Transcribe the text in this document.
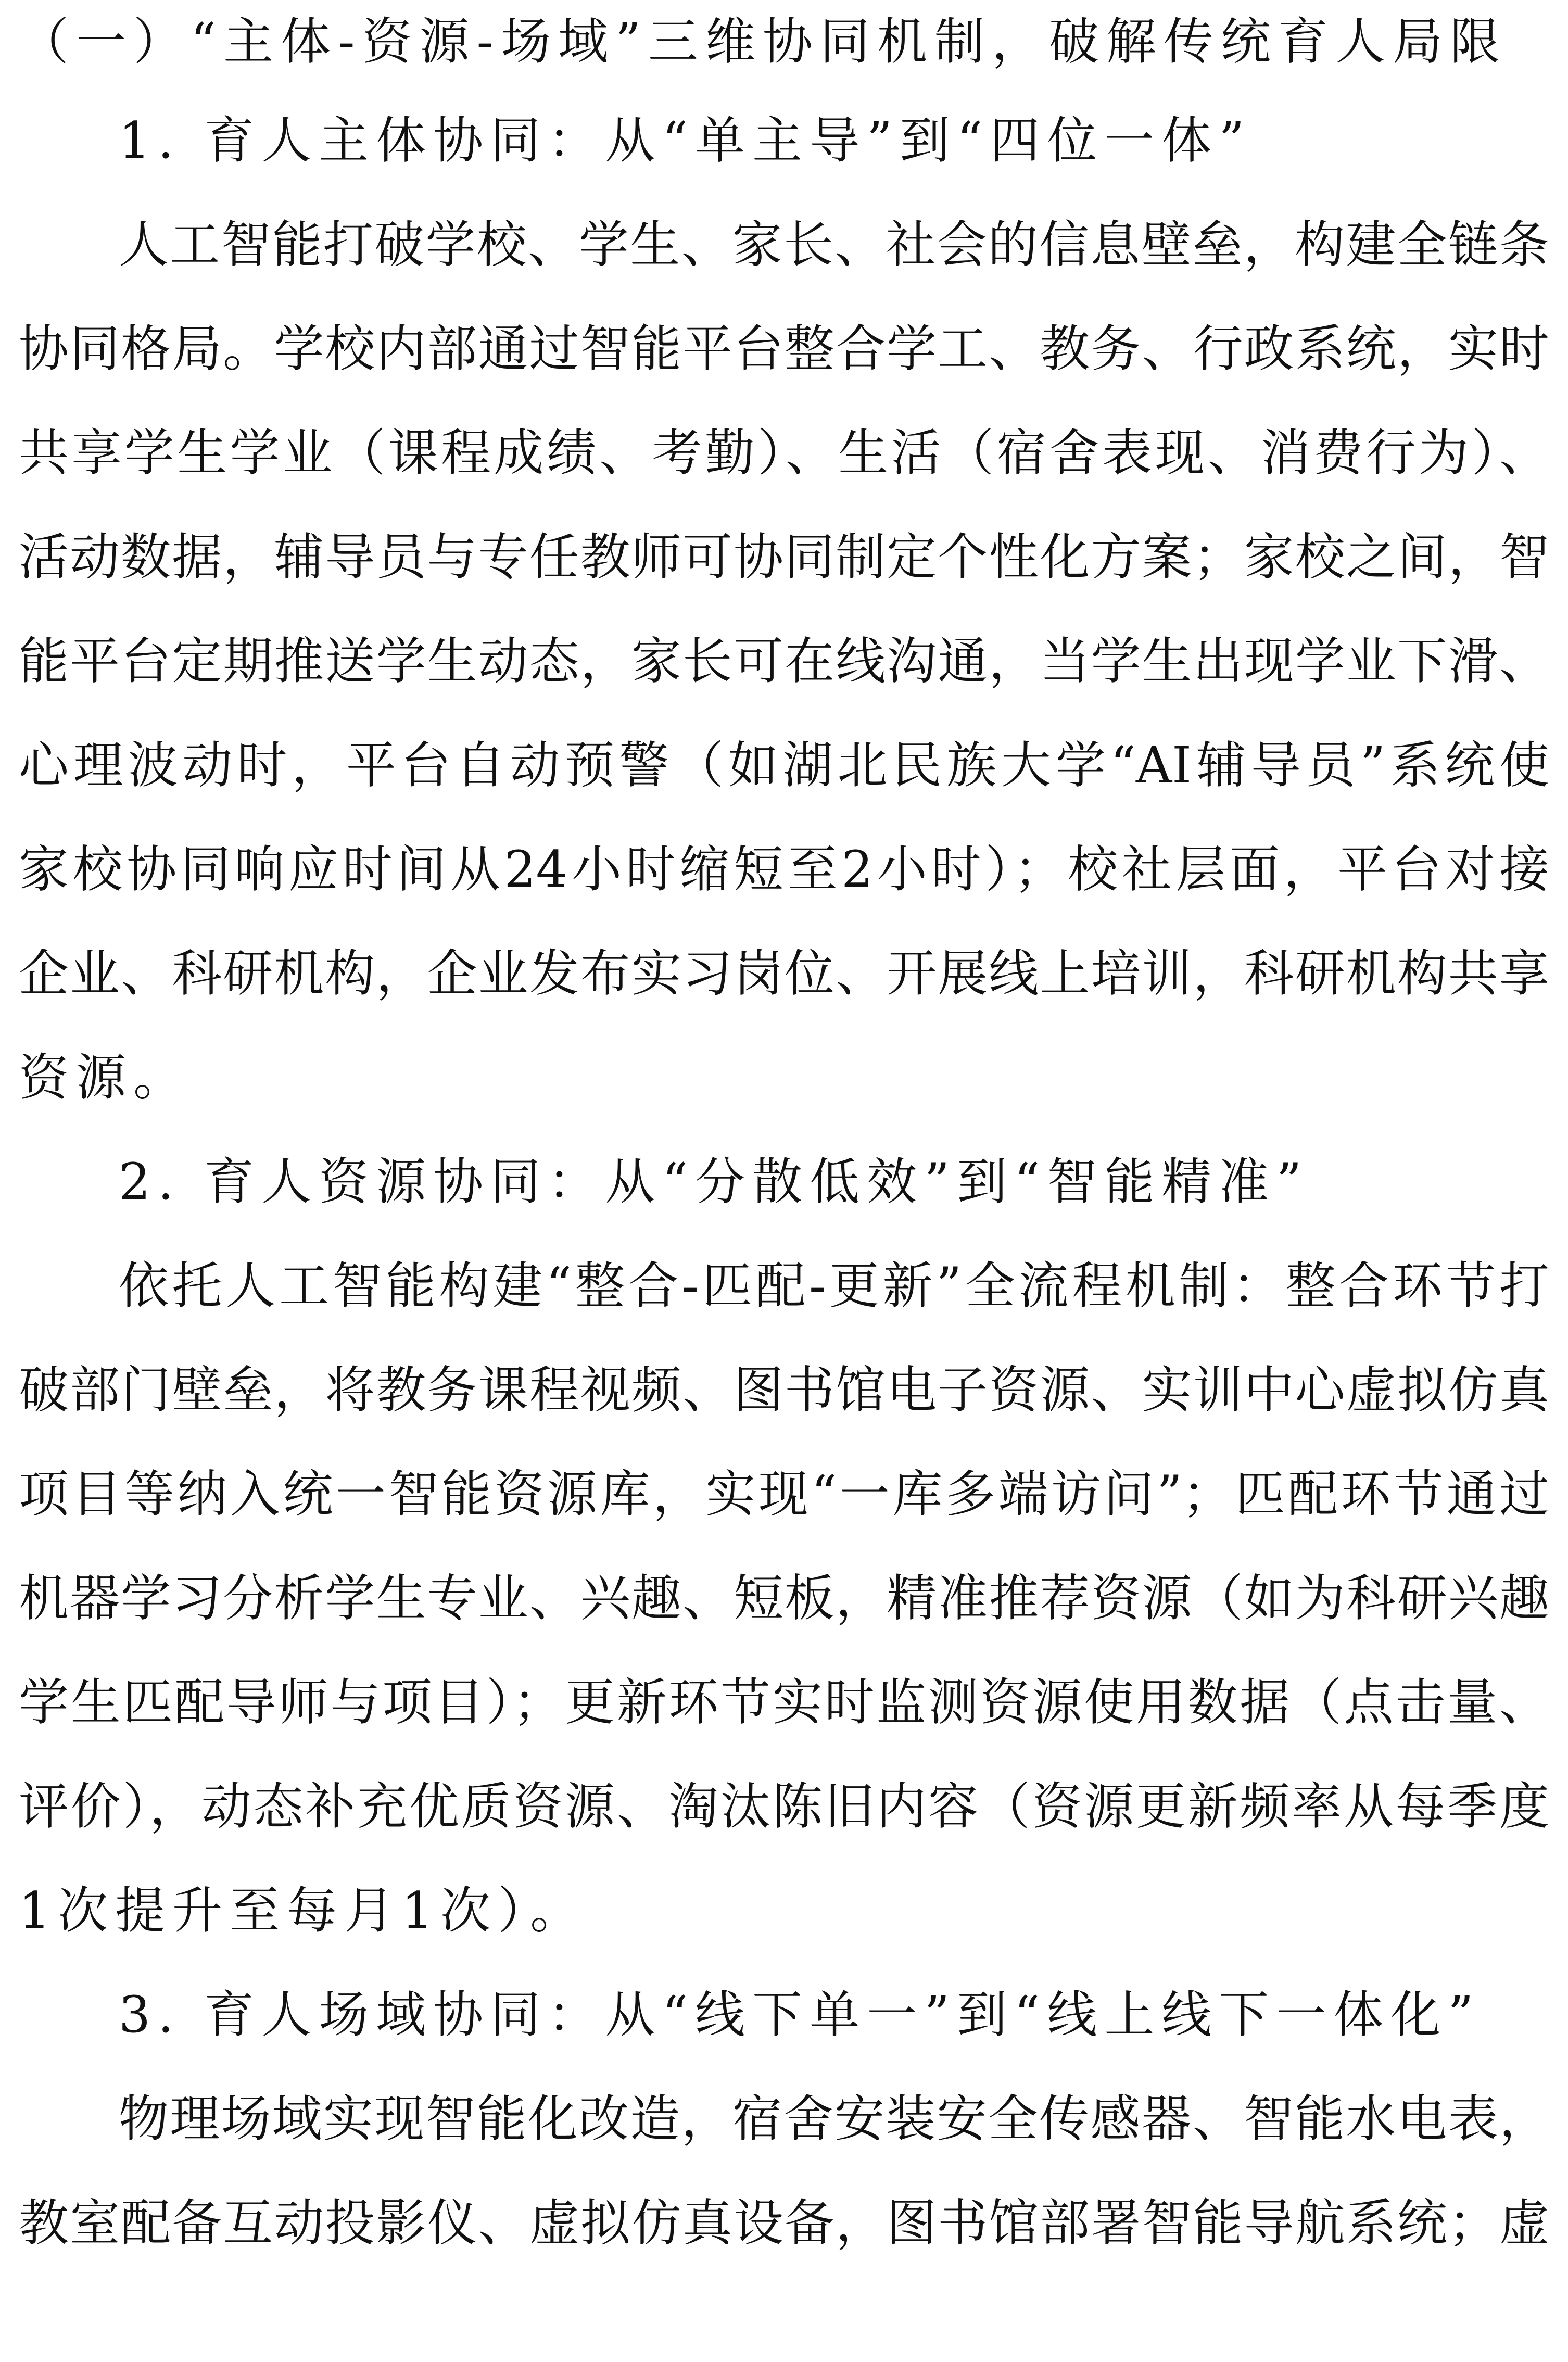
（一）“主体-资源-场域”三维协同机制，破解传统育人局限
1. 育人主体协同：从“单主导”到“四位一体”
人工智能打破学校、学生、家长、社会的信息壁垒，构建全链条
协同格局。学校内部通过智能平台整合学工、教务、行政系统，实时
共享学生学业（课程成绩、考勤）、生活（宿舍表现、消费行为）、
活动数据，辅导员与专任教师可协同制定个性化方案；家校之间，智
能平台定期推送学生动态，家长可在线沟通，当学生出现学业下滑、
心理波动时，平台自动预警（如湖北民族大学“AI辅导员”系统使
家校协同响应时间从24小时缩短至2小时）；校社层面，平台对接
企业、科研机构，企业发布实习岗位、开展线上培训，科研机构共享
资源。
2. 育人资源协同：从“分散低效”到“智能精准”
依托人工智能构建“整合-匹配-更新”全流程机制：整合环节打
破部门壁垒，将教务课程视频、图书馆电子资源、实训中心虚拟仿真
项目等纳入统一智能资源库，实现“一库多端访问”；匹配环节通过
机器学习分析学生专业、兴趣、短板，精准推荐资源（如为科研兴趣
学生匹配导师与项目）；更新环节实时监测资源使用数据（点击量、
评价），动态补充优质资源、淘汰陈旧内容（资源更新频率从每季度
1次提升至每月1次）。
3. 育人场域协同：从“线下单一”到“线上线下一体化”
物理场域实现智能化改造，宿舍安装安全传感器、智能水电表，
教室配备互动投影仪、虚拟仿真设备，图书馆部署智能导航系统；虚
